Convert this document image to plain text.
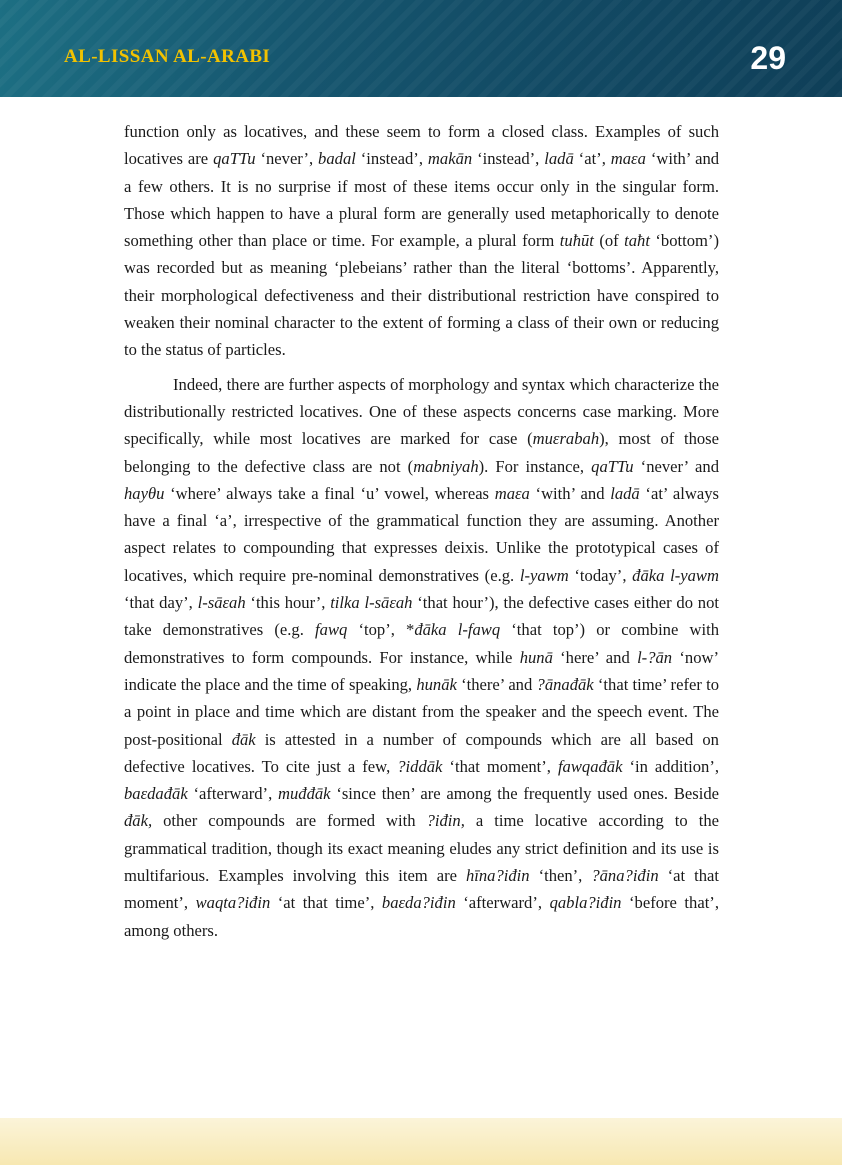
AL-LISSAN AL-ARABI	29

function only as locatives, and these seem to form a closed class. Examples of such locatives are qaTTu ‘never’, badal ‘instead’, makān ‘instead’, ladā ‘at’, maεa ‘with’ and a few others. It is no surprise if most of these items occur only in the singular form. Those which happen to have a plural form are generally used metaphorically to denote something other than place or time. For example, a plural form tuħūt (of taħt ‘bottom’) was recorded but as meaning ‘plebeians’ rather than the literal ‘bottoms’. Apparently, their morphological defectiveness and their distributional restriction have conspired to weaken their nominal character to the extent of forming a class of their own or reducing to the status of particles.

Indeed, there are further aspects of morphology and syntax which characterize the distributionally restricted locatives. One of these aspects concerns case marking. More specifically, while most locatives are marked for case (muεrabah), most of those belonging to the defective class are not (mabniyah). For instance, qaTTu ‘never’ and hayθu ‘where’ always take a final ‘u’ vowel, whereas maεa ‘with’ and ladā ‘at’ always have a final ‘a’, irrespective of the grammatical function they are assuming. Another aspect relates to compounding that expresses deixis. Unlike the prototypical cases of locatives, which require pre-nominal demonstratives (e.g. l-yawm ‘today’, đāka l-yawm ‘that day’, l-sāεah ‘this hour’, tilka l-sāεah ‘that hour’), the defective cases either do not take demonstratives (e.g. fawq ‘top’, *đāka l-fawq ‘that top’) or combine with demonstratives to form compounds. For instance, while hunā ‘here’ and l-?ān ‘now’ indicate the place and the time of speaking, hunāk ‘there’ and ?ānađāk ‘that time’ refer to a point in place and time which are distant from the speaker and the speech event. The post-positional đāk is attested in a number of compounds which are all based on defective locatives. To cite just a few, ?iddāk ‘that moment’, fawqađāk ‘in addition’, baεdađāk ‘afterward’, muđđāk ‘since then’ are among the frequently used ones. Beside đāk, other compounds are formed with ?iđin, a time locative according to the grammatical tradition, though its exact meaning eludes any strict definition and its use is multifarious. Examples involving this item are hīna?iđin ‘then’, ?āna?iđin ‘at that moment’, waqta?iđin ‘at that time’, baεda?iđin ‘afterward’, qabla?iđin ‘before that’, among others.
